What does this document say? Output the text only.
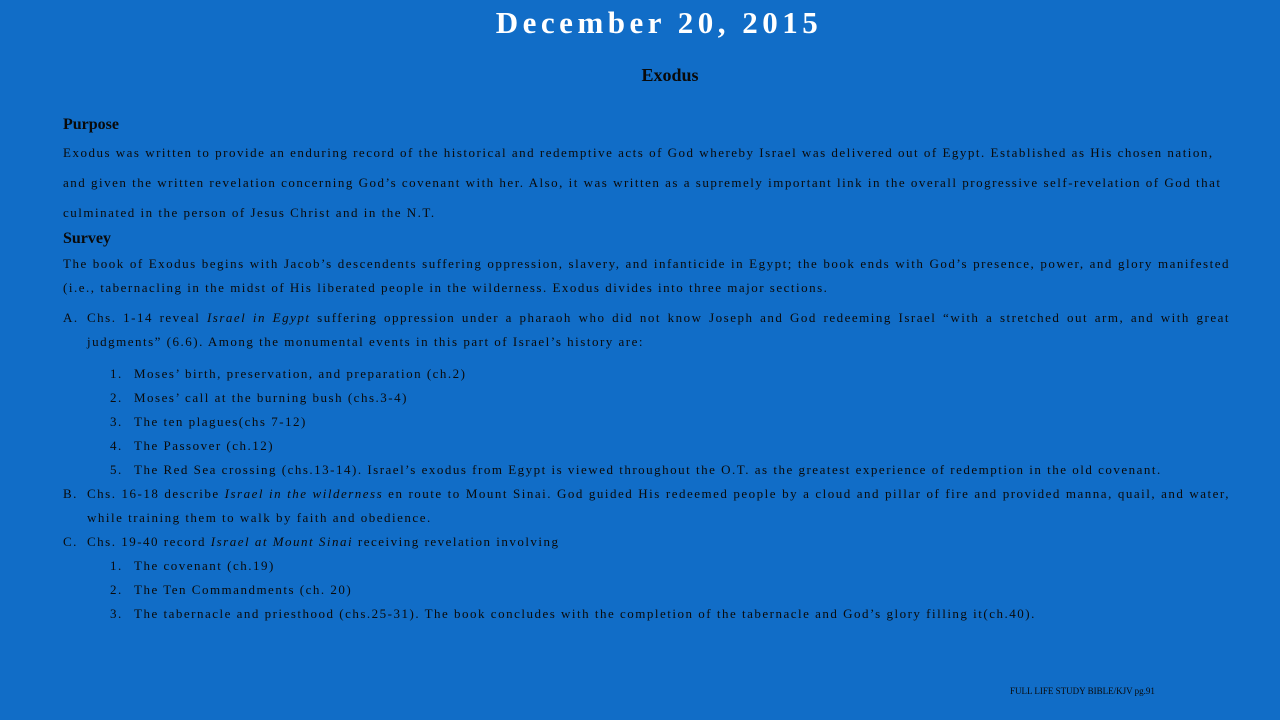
December 20, 2015
Exodus
Purpose

Exodus was written to provide an enduring record of the historical and redemptive acts of God whereby Israel was delivered out of Egypt. Established as His chosen nation, and given the written revelation concerning God’s covenant with her. Also, it was written as a supremely important link in the overall progressive self-revelation of God that culminated in the person of Jesus Christ and in the N.T.

Survey

The book of Exodus begins with Jacob’s descendents suffering oppression, slavery, and infanticide in Egypt; the book ends with God’s presence, power, and glory manifested (i.e., tabernacling in the midst of His liberated people in the wilderness. Exodus divides into three major sections.

A. Chs. 1-14 reveal Israel in Egypt suffering oppression under a pharaoh who did not know Joseph and God redeeming Israel “with a stretched out arm, and with great judgments” (6.6). Among the monumental events in this part of Israel’s history are:
1. Moses’ birth, preservation, and preparation (ch.2)
2. Moses’ call at the burning bush (chs.3-4)
3. The ten plagues(chs 7-12)
4. The Passover (ch.12)
5. The Red Sea crossing (chs.13-14). Israel’s exodus from Egypt is viewed throughout the O.T. as the greatest experience of redemption in the old covenant.
B. Chs. 16-18 describe Israel in the wilderness en route to Mount Sinai. God guided His redeemed people by a cloud and pillar of fire and provided manna, quail, and water, while training them to walk by faith and obedience.
C. Chs. 19-40 record Israel at Mount Sinai receiving revelation involving
1. The covenant (ch.19)
2. The Ten Commandments (ch. 20)
3. The tabernacle and priesthood (chs.25-31). The book concludes with the completion of the tabernacle and God’s glory filling it(ch.40).
FULL LIFE STUDY BIBLE/KJV pg.91
